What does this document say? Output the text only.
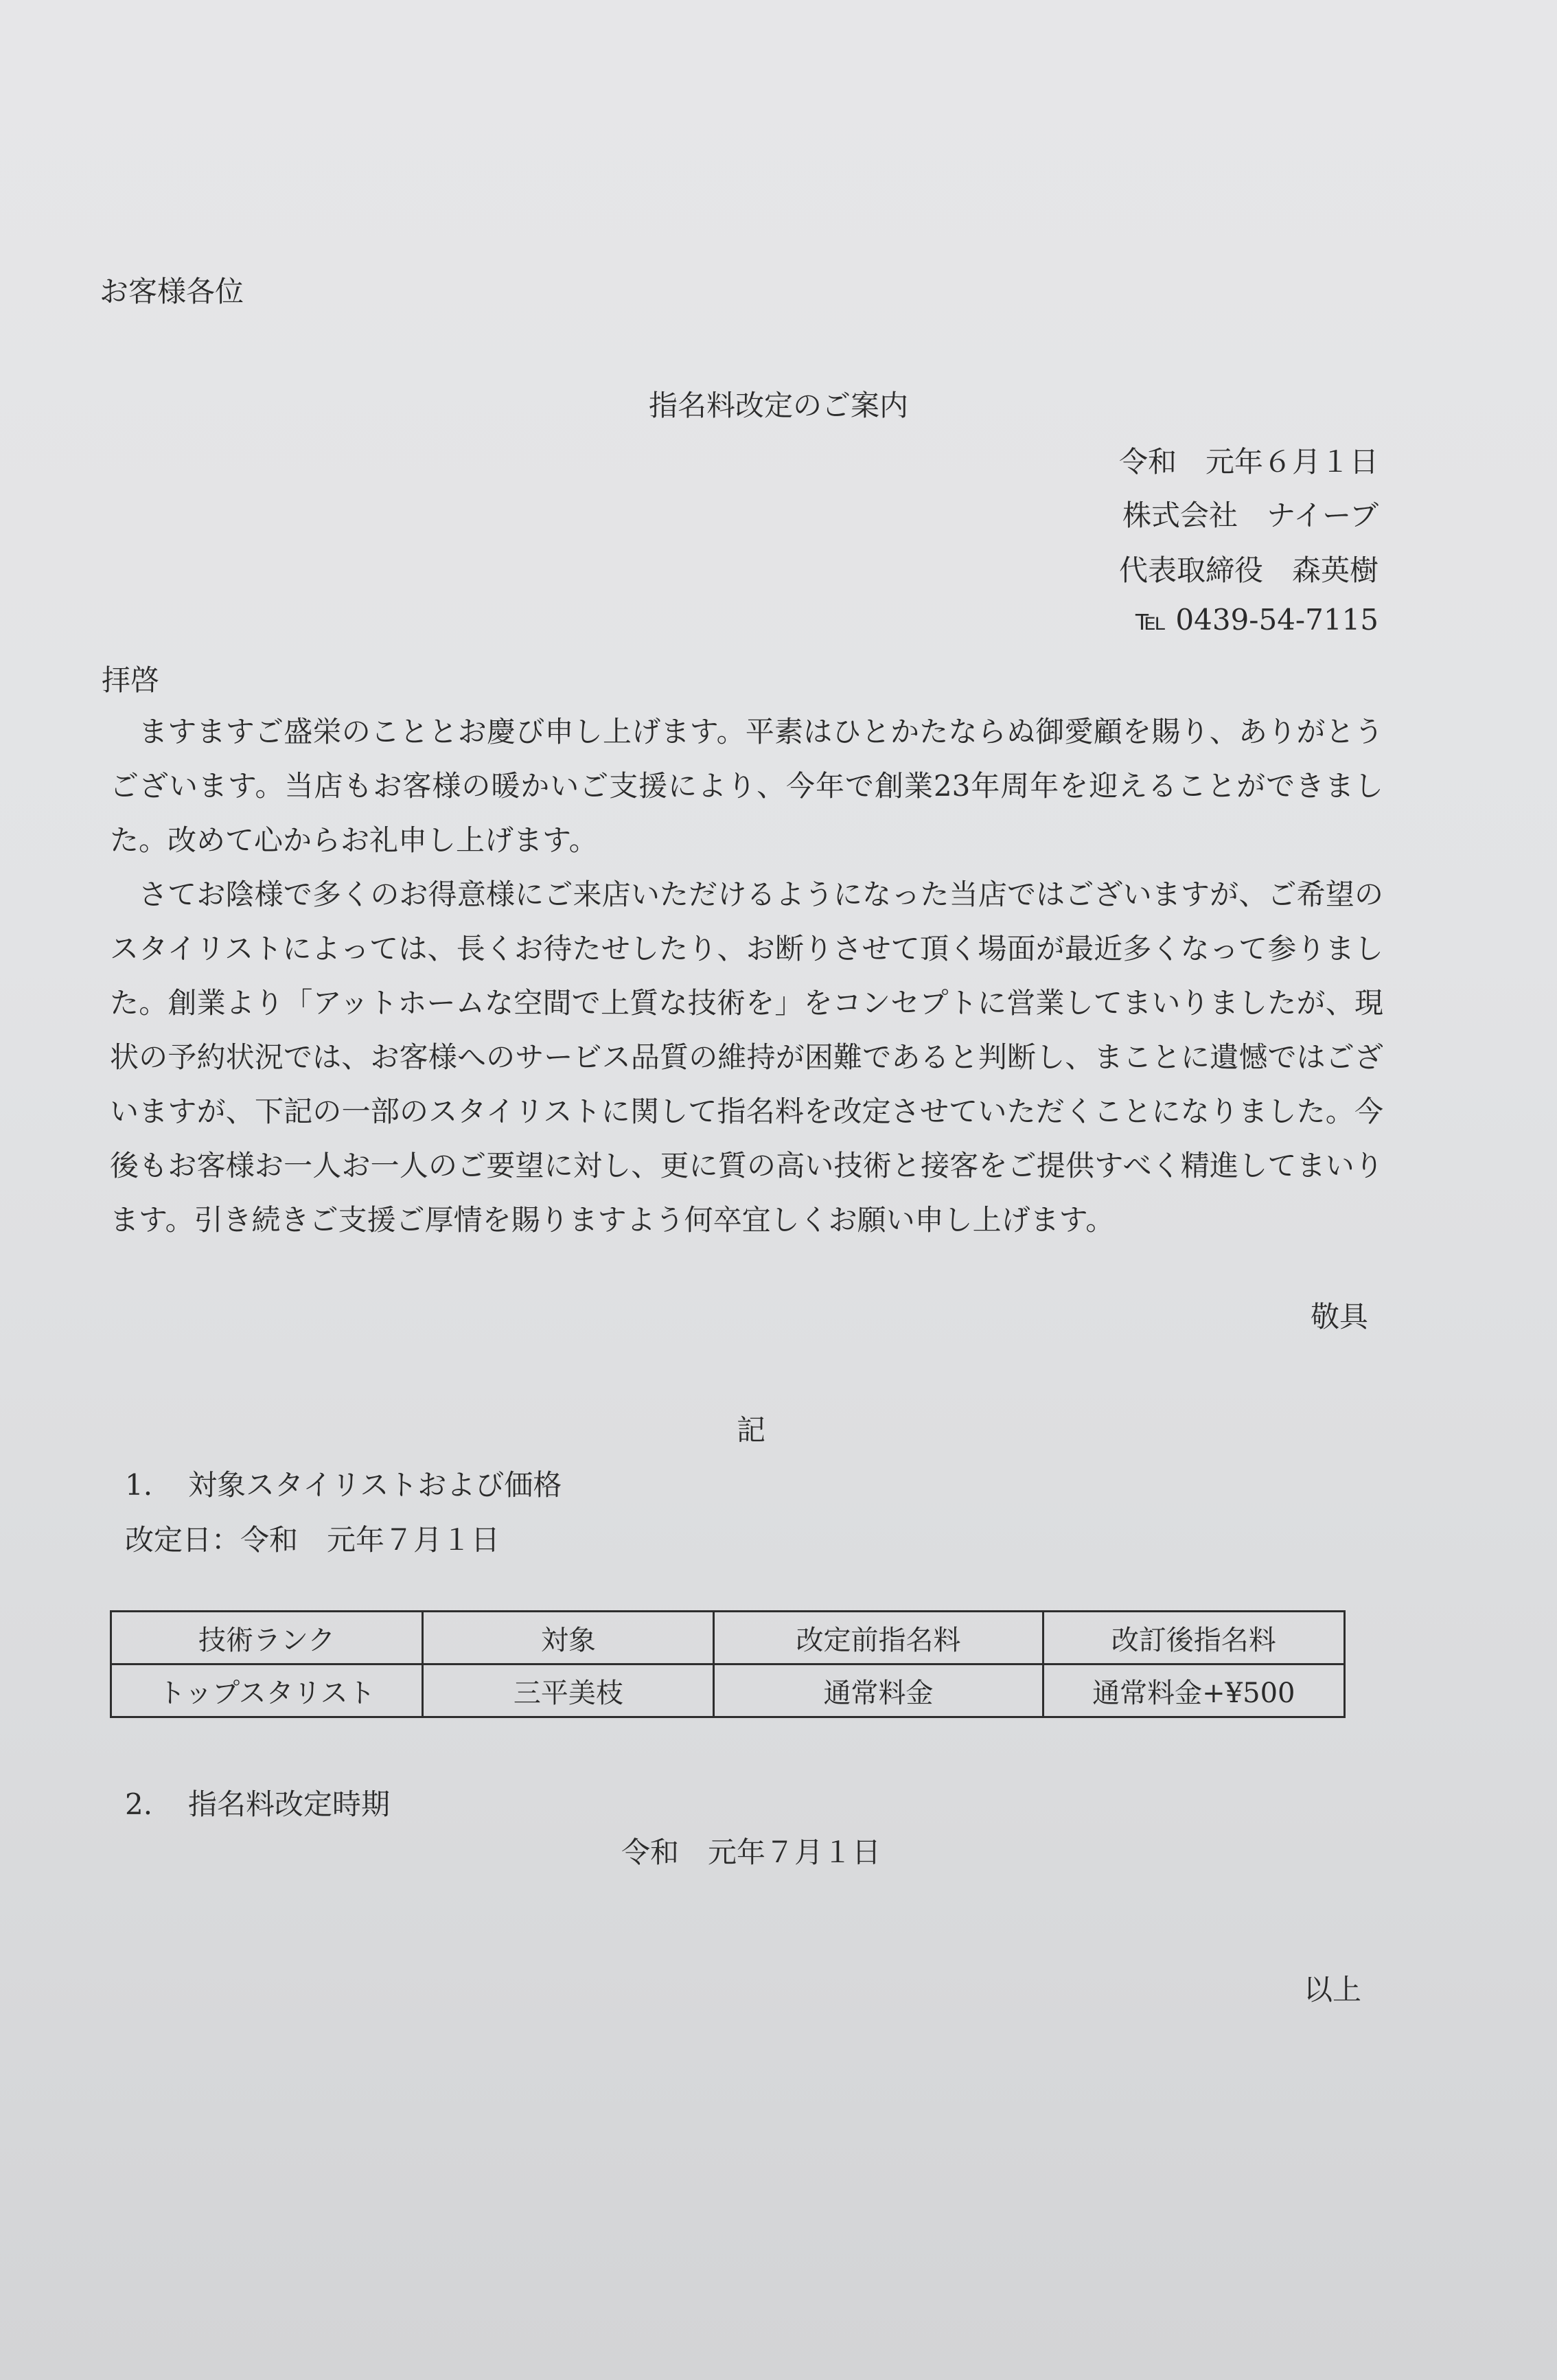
お客様各位
指名料改定のご案内
令和　元年６月１日
株式会社　ナイーブ
代表取締役　森英樹
℡ 0439-54-7115
拝啓
ますますご盛栄のこととお慶び申し上げます。平素はひとかたならぬ御愛顧を賜り、ありがとうございます。当店もお客様の暖かいご支援により、今年で創業23年周年を迎えることができました。改めて心からお礼申し上げます。
さてお陰様で多くのお得意様にご来店いただけるようになった当店ではございますが、ご希望のスタイリストによっては、長くお待たせしたり、お断りさせて頂く場面が最近多くなって参りました。創業より「アットホームな空間で上質な技術を」をコンセプトに営業してまいりましたが、現状の予約状況では、お客様へのサービス品質の維持が困難であると判断し、まことに遺憾ではございますが、下記の一部のスタイリストに関して指名料を改定させていただくことになりました。今後もお客様お一人お一人のご要望に対し、更に質の高い技術と接客をご提供すべく精進してまいります。引き続きご支援ご厚情を賜りますよう何卒宜しくお願い申し上げます。
敬具
記
1. 対象スタイリストおよび価格
改定日：令和　元年７月１日
技術ランク	対象	改定前指名料	改訂後指名料
トップスタリスト	三平美枝	通常料金	通常料金+¥500
2. 指名料改定時期
令和　元年７月１日
以上
